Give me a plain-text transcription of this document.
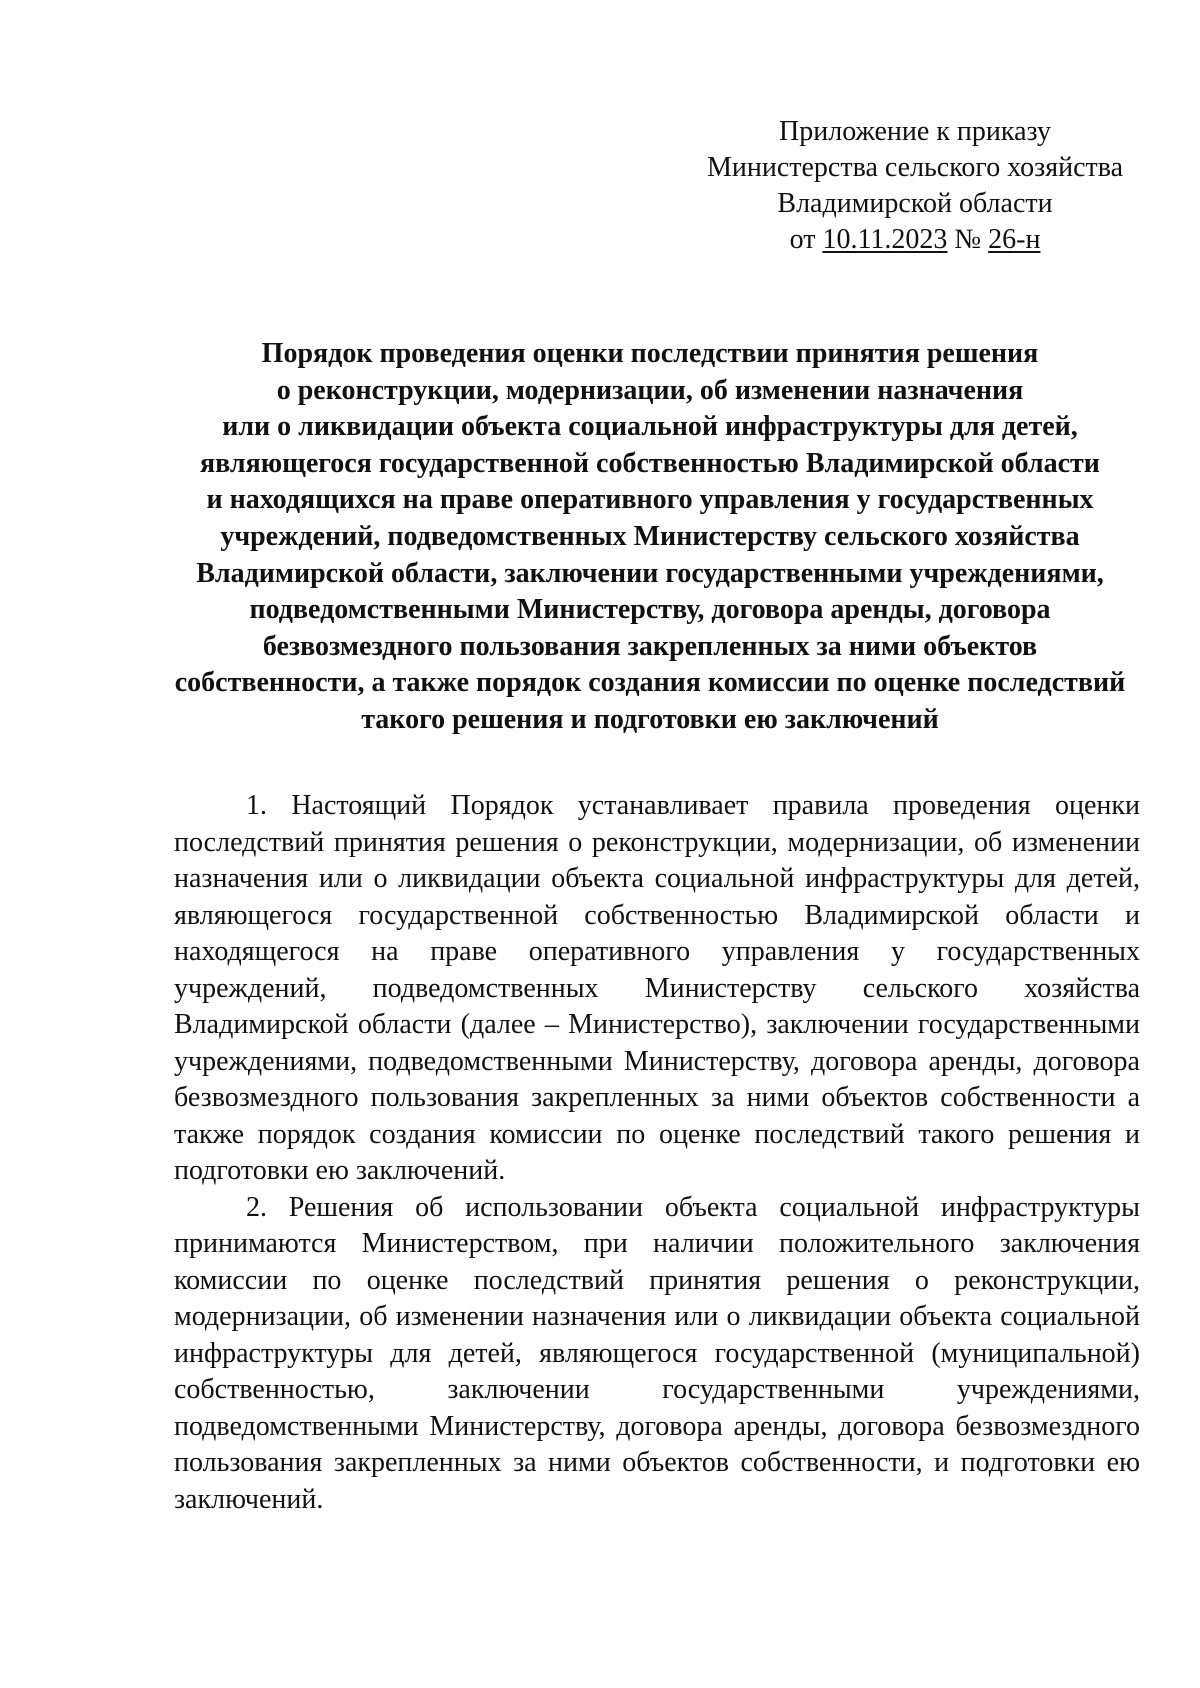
Приложение к приказу
Министерства сельского хозяйства
Владимирской области
от 10.11.2023 № 26-н
Порядок проведения оценки последствии принятия решения
о реконструкции, модернизации, об изменении назначения
или о ликвидации объекта социальной инфраструктуры для детей,
являющегося государственной собственностью Владимирской области
и находящихся на праве оперативного управления у государственных
учреждений, подведомственных Министерству сельского хозяйства
Владимирской области, заключении государственными учреждениями,
подведомственными Министерству, договора аренды, договора
безвозмездного пользования закрепленных за ними объектов
собственности, а также порядок создания комиссии по оценке последствий
такого решения и подготовки ею заключений

1. Настоящий Порядок устанавливает правила проведения оценки последствий принятия решения о реконструкции, модернизации, об изменении назначения или о ликвидации объекта социальной инфраструктуры для детей, являющегося государственной собственностью Владимирской области и находящегося на праве оперативного управления у государственных учреждений, подведомственных Министерству сельского хозяйства Владимирской области (далее – Министерство), заключении государственными учреждениями, подведомственными Министерству, договора аренды, договора безвозмездного пользования закрепленных за ними объектов собственности а также порядок создания комиссии по оценке последствий такого решения и подготовки ею заключений.

2. Решения об использовании объекта социальной инфраструктуры принимаются Министерством, при наличии положительного заключения комиссии по оценке последствий принятия решения о реконструкции, модернизации, об изменении назначения или о ликвидации объекта социальной инфраструктуры для детей, являющегося государственной (муниципальной) собственностью, заключении государственными учреждениями, подведомственными Министерству, договора аренды, договора безвозмездного пользования закрепленных за ними объектов собственности, и подготовки ею заключений.
